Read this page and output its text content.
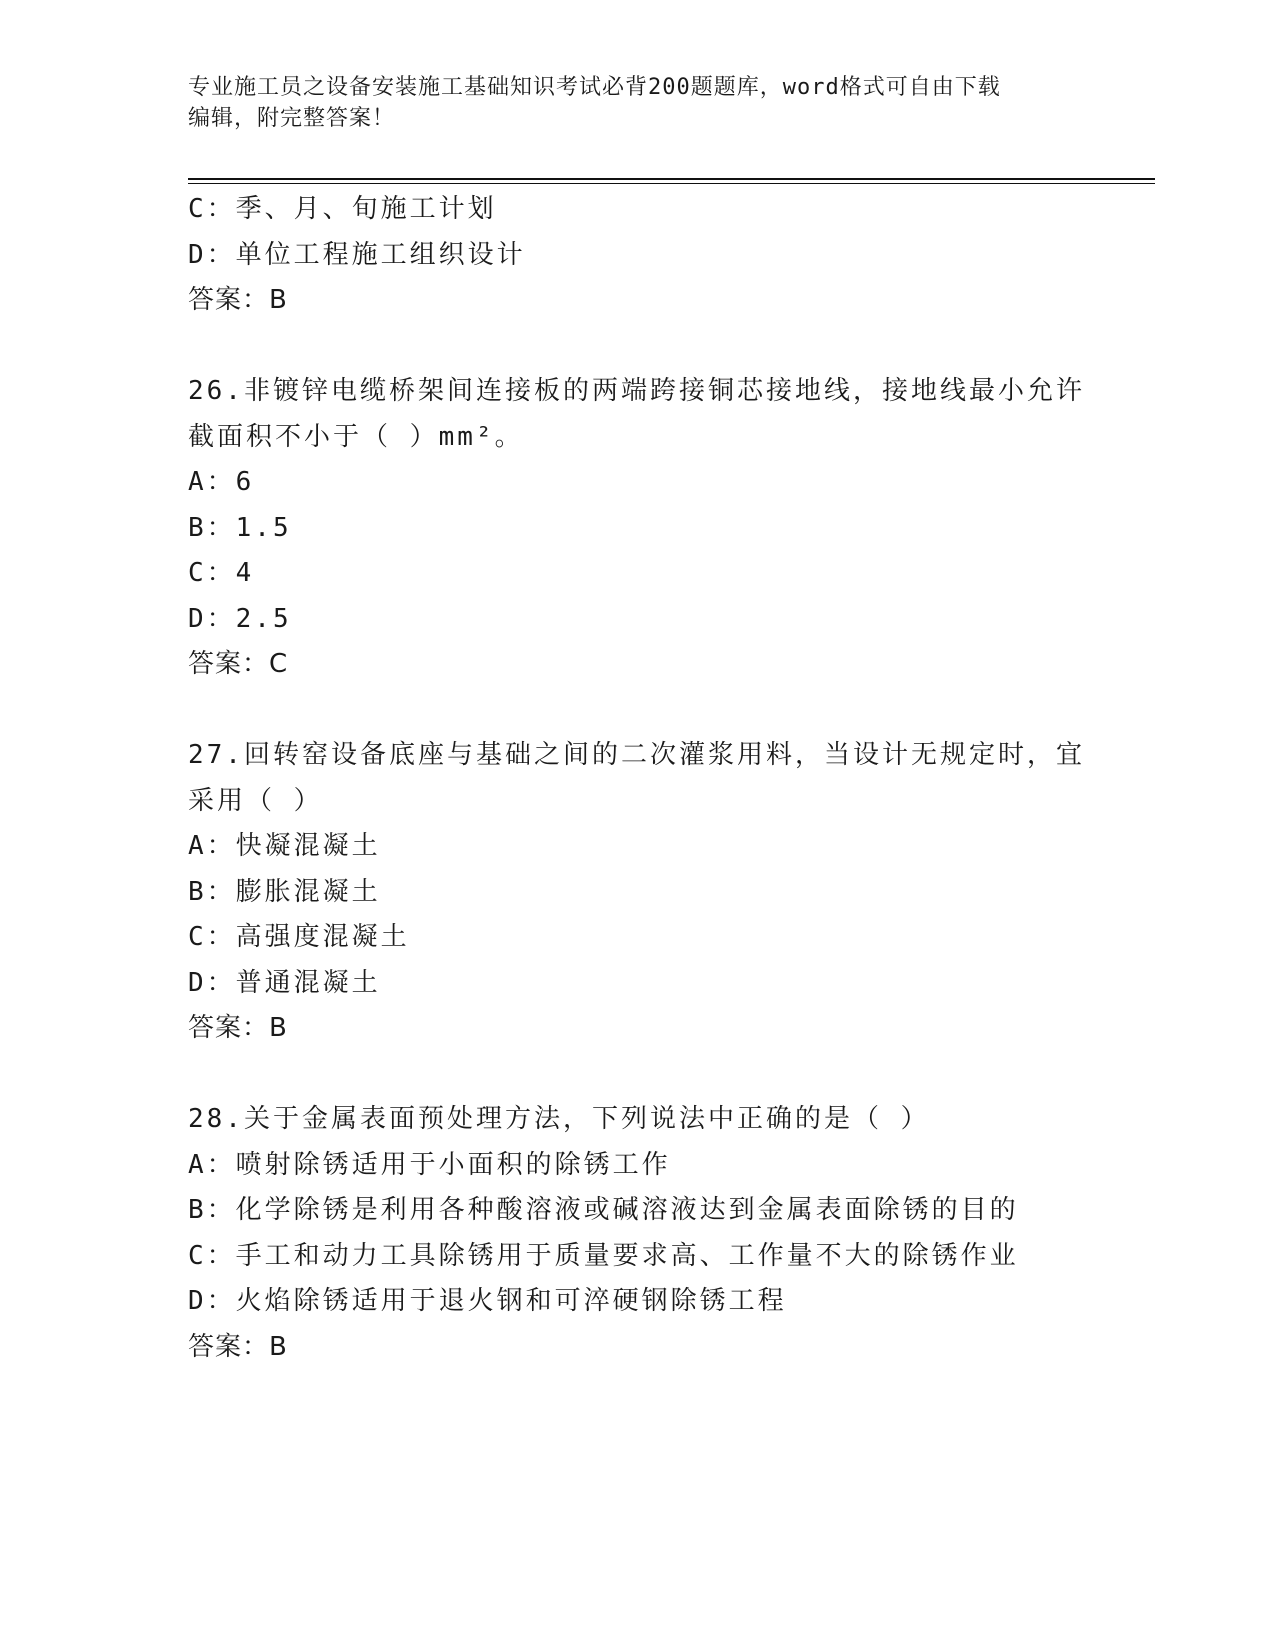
专业施工员之设备安装施工基础知识考试必背200题题库，word格式可自由下载
编辑，附完整答案！
C：季、月、旬施工计划
D：单位工程施工组织设计
答案：B
26.非镀锌电缆桥架间连接板的两端跨接铜芯接地线，接地线最小允许
截面积不小于（ ）mm²。
A：6
B：1.5
C：4
D：2.5
答案：C
27.回转窑设备底座与基础之间的二次灌浆用料，当设计无规定时，宜
采用（ ）
A：快凝混凝土
B：膨胀混凝土
C：高强度混凝土
D：普通混凝土
答案：B
28.关于金属表面预处理方法，下列说法中正确的是（ ）
A：喷射除锈适用于小面积的除锈工作
B：化学除锈是利用各种酸溶液或碱溶液达到金属表面除锈的目的
C：手工和动力工具除锈用于质量要求高、工作量不大的除锈作业
D：火焰除锈适用于退火钢和可淬硬钢除锈工程
答案：B
